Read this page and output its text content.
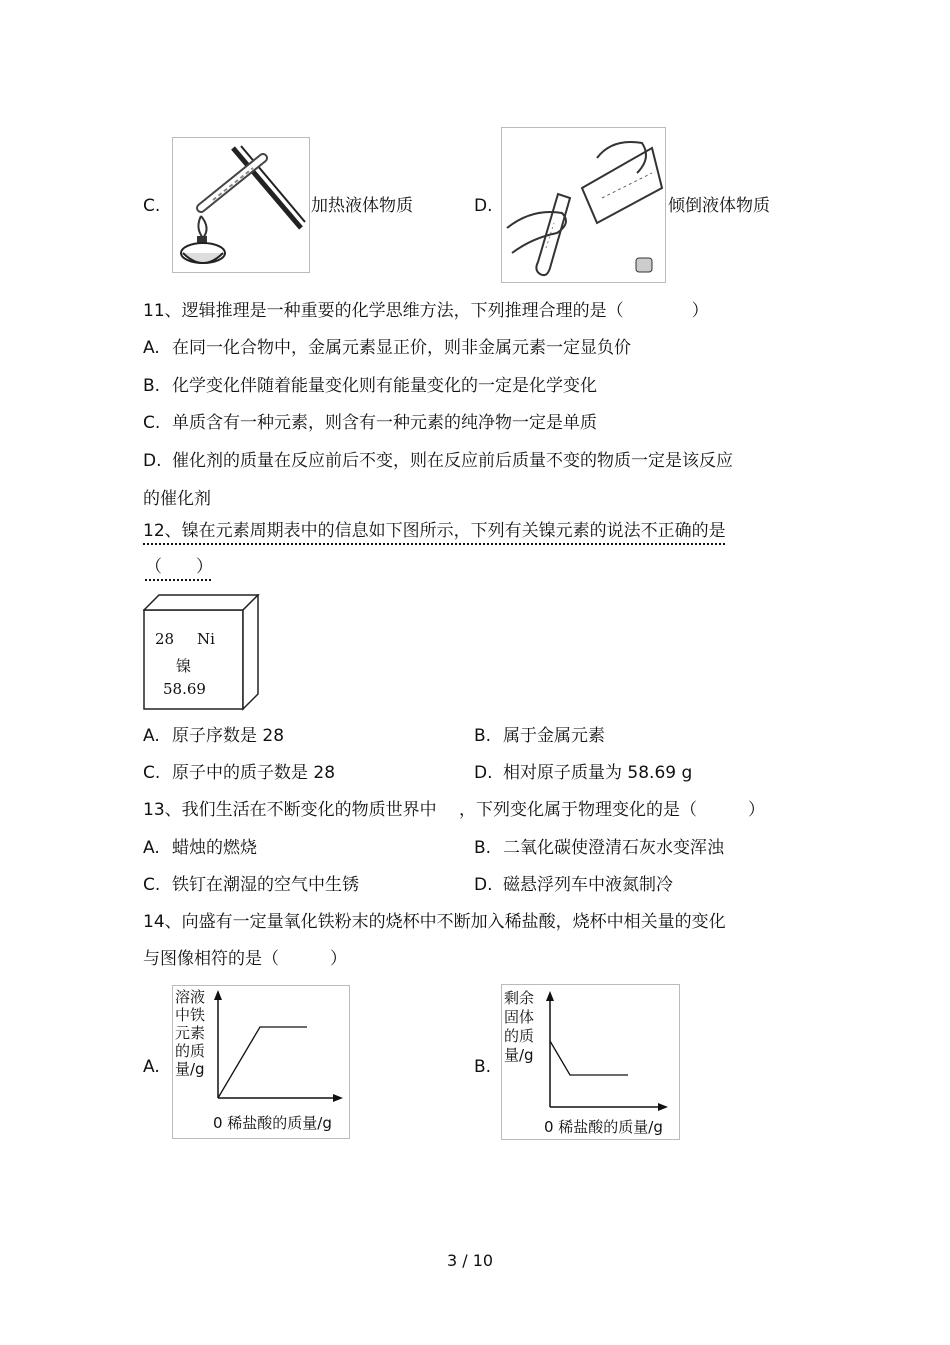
C.	加热液体物质	D.	倾倒液体物质
11、逻辑推理是一种重要的化学思维方法，下列推理合理的是（　　　　）
A. 在同一化合物中，金属元素显正价，则非金属元素一定显负价
B. 化学变化伴随着能量变化则有能量变化的一定是化学变化
C. 单质含有一种元素，则含有一种元素的纯净物一定是单质
D. 催化剂的质量在反应前后不变，则在反应前后质量不变的物质一定是该反应
的催化剂
12、镍在元素周期表中的信息如下图所示，下列有关镍元素的说法不正确的是
（　　）
28 Ni
镍
58.69
A. 原子序数是 28	B. 属于金属元素
C. 原子中的质子数是 28	D. 相对原子质量为 58.69 g
13、我们生活在不断变化的物质世界中　 ，下列变化属于物理变化的是（　　　）
A. 蜡烛的燃烧	B. 二氧化碳使澄清石灰水变浑浊
C. 铁钉在潮湿的空气中生锈	D. 磁悬浮列车中液氮制冷
14、向盛有一定量氧化铁粉末的烧杯中不断加入稀盐酸，烧杯中相关量的变化
与图像相符的是（　　　）
A.
溶液
中铁
元素
的质
量/g
0 稀盐酸的质量/g
B.
剩余
固体
的质
量/g
0 稀盐酸的质量/g
3 / 10
